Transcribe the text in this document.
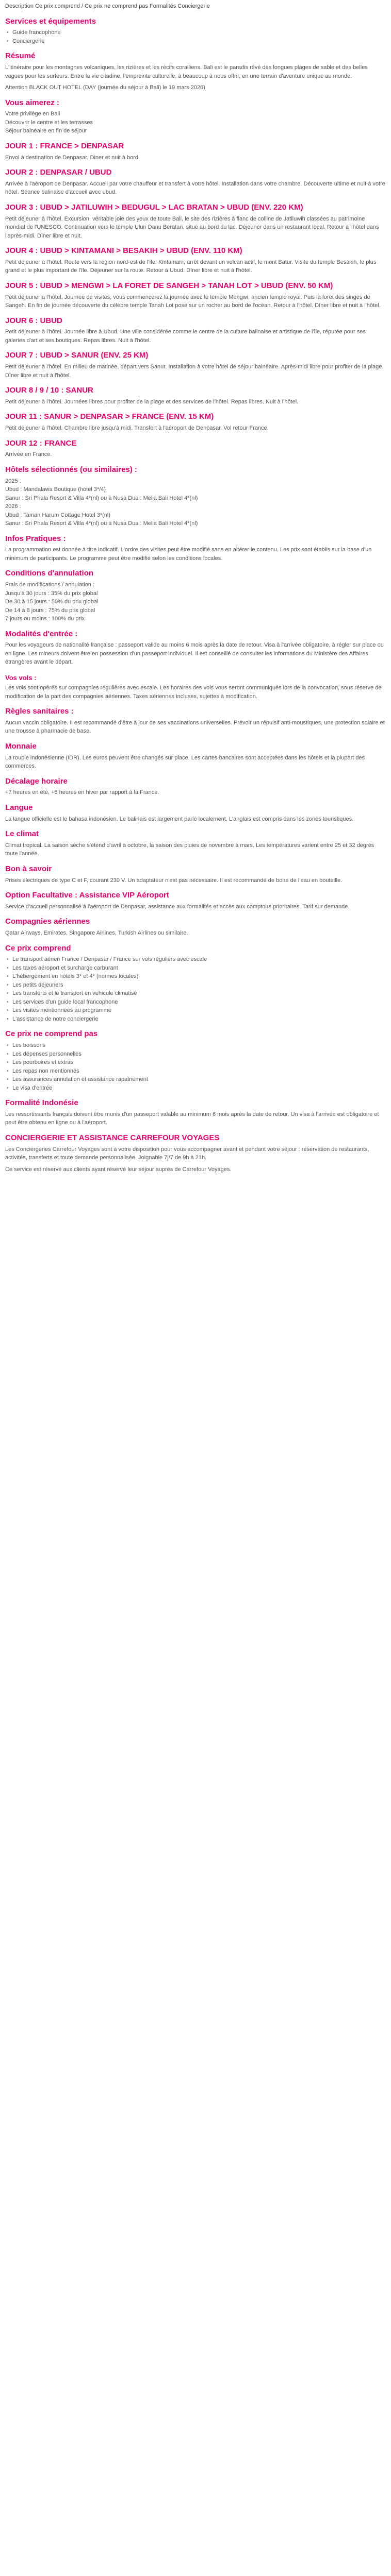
Description Ce prix comprend / Ce prix ne comprend pas Formalités Conciergerie
Services et équipements
• Guide francophone
• Conciergerie
Résumé

L'itinéraire pour les montagnes volcaniques, les rizières et les récifs coralliens. Bali est le paradis rêvé des longues plages de sable et des belles vagues pour les surfeurs. Entre la vie citadine, l'empreinte culturelle, à beaucoup à nous offrir, en une terrain d'aventure unique au monde.

Attention BLACK OUT HOTEL (DAY (journée du séjour à Bali) le 19 mars 2026)

Vous aimerez :
Votre privilège en Bali
Découvrir le centre et les terrasses
Séjour balnéaire en fin de séjour
JOUR 1 : FRANCE > DENPASAR

Envol à destination de Denpasar. Diner et nuit à bord.

JOUR 2 : DENPASAR / UBUD

Arrivée à l'aéroport de Denpasar. Accueil par votre chauffeur et transfert à votre hôtel. Installation dans votre chambre. Découverte ultime et nuit à votre hôtel. Séance balinaise d'accueil avec ubud.

JOUR 3 : UBUD > JATILUWIH > BEDUGUL > LAC BRATAN > UBUD (ENV. 220 KM)

Petit déjeuner à l'hôtel. Excursion, véritable joie des yeux de toute Bali, le site des rizières à flanc de colline de Jatiluwih classées au patrimoine mondial de l'UNESCO. Continuation vers le temple Ulun Danu Beratan, situé au bord du lac. Déjeuner dans un restaurant local. Retour à l'hôtel dans l'après-midi. Dîner libre et nuit.

JOUR 4 : UBUD > KINTAMANI > BESAKIH > UBUD (ENV. 110 KM)

Petit déjeuner à l'hôtel. Route vers la région nord-est de l'île. Kintamani, arrêt devant un volcan actif, le mont Batur. Visite du temple Besakih, le plus grand et le plus important de l'île. Déjeuner sur la route. Retour à Ubud. Dîner libre et nuit à l'hôtel.

JOUR 5 : UBUD > MENGWI > LA FORET DE SANGEH > TANAH LOT > UBUD (ENV. 50 KM)

Petit déjeuner à l'hôtel. Journée de visites, vous commencerez la journée avec le temple Mengwi, ancien temple royal. Puis la forêt des singes de Sangeh. En fin de journée découverte du célèbre temple Tanah Lot posé sur un rocher au bord de l'océan. Retour à l'hôtel. Dîner libre et nuit à l'hôtel.

JOUR 6 : UBUD

Petit déjeuner à l'hôtel. Journée libre à Ubud. Une ville considérée comme le centre de la culture balinaise et artistique de l'île, réputée pour ses galeries d'art et ses boutiques. Repas libres. Nuit à l'hôtel.

JOUR 7 : UBUD > SANUR (ENV. 25 KM)

Petit déjeuner à l'hôtel. En milieu de matinée, départ vers Sanur. Installation à votre hôtel de séjour balnéaire. Après-midi libre pour profiter de la plage. Dîner libre et nuit à l'hôtel.

JOUR 8 / 9 / 10 : SANUR

Petit déjeuner à l'hôtel. Journées libres pour profiter de la plage et des services de l'hôtel. Repas libres. Nuit à l'hôtel.

JOUR 11 : SANUR > DENPASAR > FRANCE (ENV. 15 KM)

Petit déjeuner à l'hôtel. Chambre libre jusqu'à midi. Transfert à l'aéroport de Denpasar. Vol retour France.

JOUR 12 : FRANCE

Arrivée en France.

Hôtels sélectionnés (ou similaires) :
2025 :
Ubud : Mandalawa Boutique (hotel 3*/4)
Sanur : Sri Phala Resort & Villa 4*(nl) ou à Nusa Dua : Melia Bali Hotel 4*(nl)
2026 :
Ubud : Taman Harum Cottage Hotel 3*(nl)
Sanur : Sri Phala Resort & Villa 4*(nl) ou à Nusa Dua : Melia Bali Hotel 4*(nl)
Infos Pratiques :

La programmation est donnée à titre indicatif. L'ordre des visites peut être modifié sans en altérer le contenu. Les prix sont établis sur la base d'un minimum de participants. Le programme peut être modifié selon les conditions locales.

Conditions d'annulation
Frais de modifications / annulation :
Jusqu'à 30 jours : 35% du prix global
De 30 à 15 jours : 50% du prix global
De 14 à 8 jours : 75% du prix global
7 jours ou moins : 100% du prix
Modalités d'entrée :

Pour les voyageurs de nationalité française : passeport valide au moins 6 mois après la date de retour. Visa à l'arrivée obligatoire, à régler sur place ou en ligne. Les mineurs doivent être en possession d'un passeport individuel. Il est conseillé de consulter les informations du Ministère des Affaires étrangères avant le départ.

Vos vols :

Les vols sont opérés sur compagnies régulières avec escale. Les horaires des vols vous seront communiqués lors de la convocation, sous réserve de modification de la part des compagnies aériennes. Taxes aériennes incluses, sujettes à modification.

Règles sanitaires :

Aucun vaccin obligatoire. Il est recommandé d'être à jour de ses vaccinations universelles. Prévoir un répulsif anti-moustiques, une protection solaire et une trousse à pharmacie de base.

Monnaie

La roupie indonésienne (IDR). Les euros peuvent être changés sur place. Les cartes bancaires sont acceptées dans les hôtels et la plupart des commerces.

Décalage horaire

+7 heures en été, +6 heures en hiver par rapport à la France.

Langue

La langue officielle est le bahasa indonésien. Le balinais est largement parlé localement. L'anglais est compris dans les zones touristiques.

Le climat

Climat tropical. La saison sèche s'étend d'avril à octobre, la saison des pluies de novembre à mars. Les températures varient entre 25 et 32 degrés toute l'année.

Bon à savoir

Prises électriques de type C et F, courant 230 V. Un adaptateur n'est pas nécessaire. Il est recommandé de boire de l'eau en bouteille.

Option Facultative : Assistance VIP Aéroport

Service d'accueil personnalisé à l'aéroport de Denpasar, assistance aux formalités et accès aux comptoirs prioritaires. Tarif sur demande.

Compagnies aériennes

Qatar Airways, Emirates, Singapore Airlines, Turkish Airlines ou similaire.

Ce prix comprend
• Le transport aérien France / Denpasar / France sur vols réguliers avec escale
• Les taxes aéroport et surcharge carburant
• L'hébergement en hôtels 3* et 4* (normes locales)
• Les petits déjeuners
• Les transferts et le transport en véhicule climatisé
• Les services d'un guide local francophone
• Les visites mentionnées au programme
• L'assistance de notre conciergerie
Ce prix ne comprend pas
• Les boissons
• Les dépenses personnelles
• Les pourboires et extras
• Les repas non mentionnés
• Les assurances annulation et assistance rapatriement
• Le visa d'entrée
Formalité Indonésie

Les ressortissants français doivent être munis d'un passeport valable au minimum 6 mois après la date de retour. Un visa à l'arrivée est obligatoire et peut être obtenu en ligne ou à l'aéroport.

CONCIERGERIE ET ASSISTANCE CARREFOUR VOYAGES

Les Conciergeries Carrefour Voyages sont à votre disposition pour vous accompagner avant et pendant votre séjour : réservation de restaurants, activités, transferts et toute demande personnalisée. Joignable 7j/7 de 9h à 21h.

Ce service est réservé aux clients ayant réservé leur séjour auprès de Carrefour Voyages.
